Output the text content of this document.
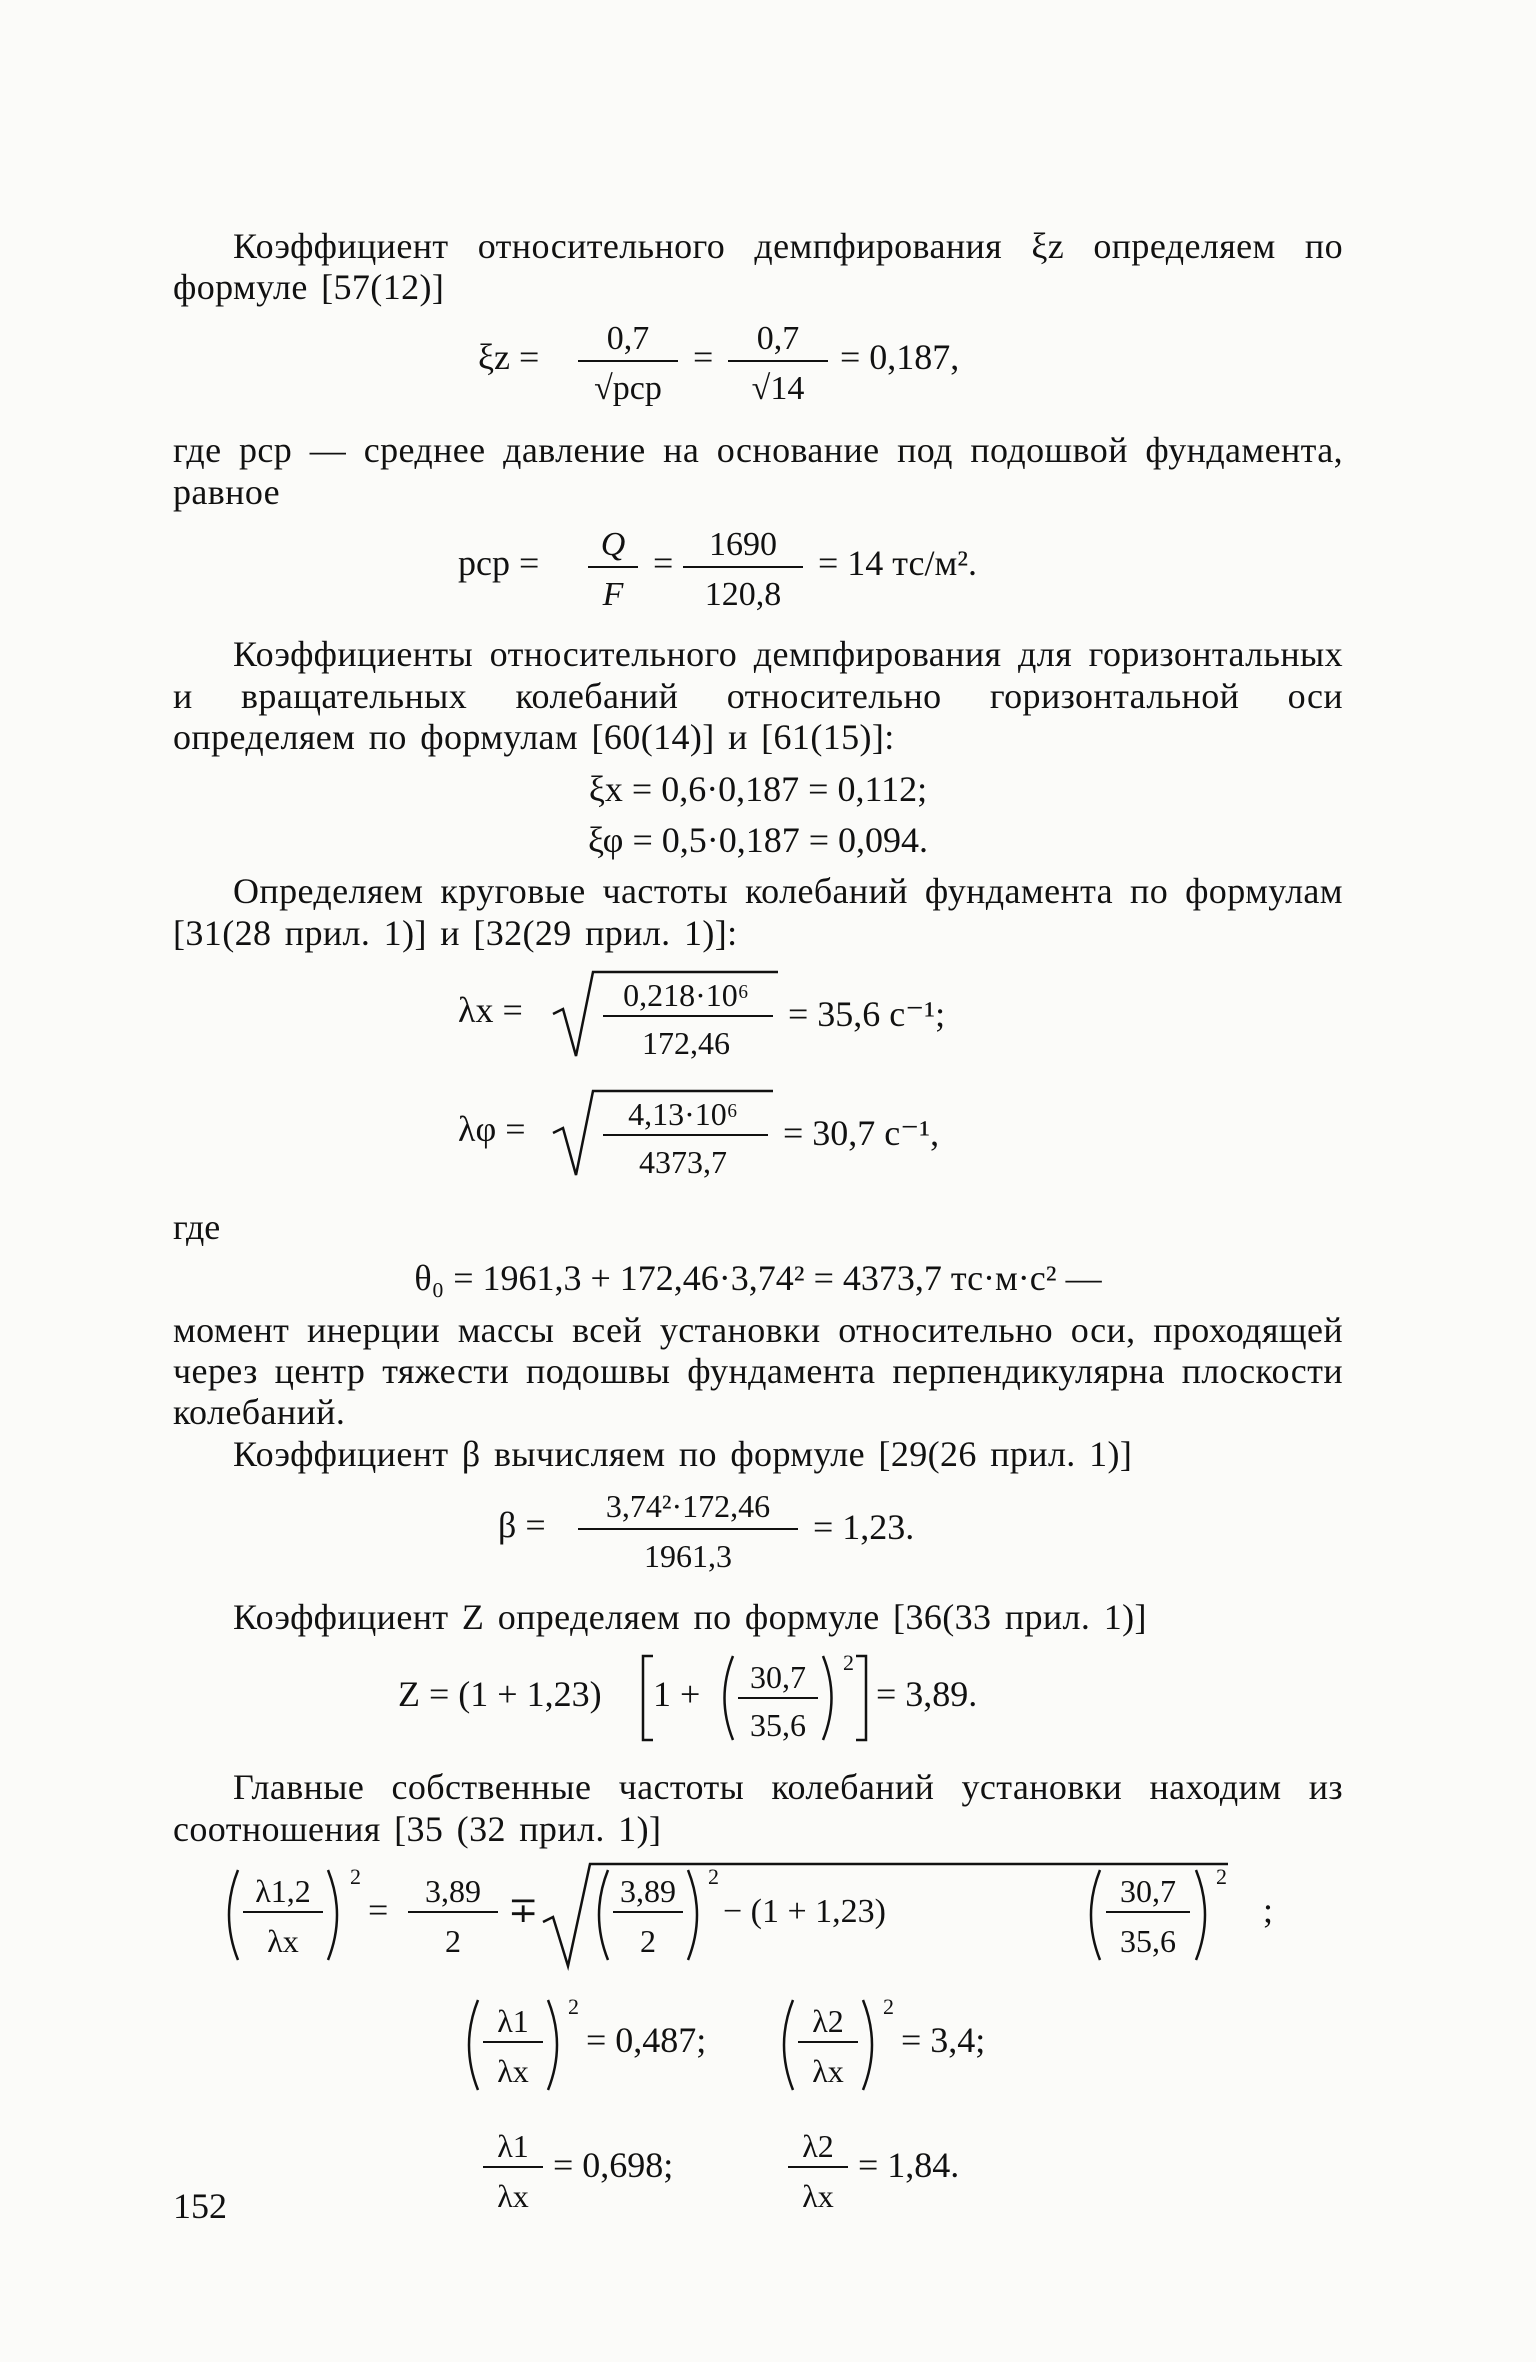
Коэффициент относительного демпфирования ξz определяем по формуле [57(12)]
ξz = 0,7
√pcp
= 0,7
√14
= 0,187,
где pcp — среднее давление на основание под подошвой фундамента, равное
pcp = Q
F
= 1690
120,8
= 14 тс/м².
Коэффициенты относительного демпфирования для горизонтальных и вращательных колебаний относительно горизонтальной оси определяем по формулам [60(14)] и [61(15)]:
ξx = 0,6·0,187 = 0,112;
ξφ = 0,5·0,187 = 0,094.
Определяем круговые частоты колебаний фундамента по формулам [31(28 прил. 1)] и [32(29 прил. 1)]:
λx =	0,218·10⁶
172,46
= 35,6 с⁻¹;
λφ =	4,13·10⁶
4373,7
= 30,7 с⁻¹,
где
θ₀ = 1961,3 + 172,46·3,74² = 4373,7 тс·м·с² —
момент инерции массы всей установки относительно оси, проходящей через центр тяжести подошвы фундамента перпендикулярна плоскости колебаний.
Коэффициент β вычисляем по формуле [29(26 прил. 1)]
β = 3,74²·172,46
1961,3
= 1,23.
Коэффициент Z определяем по формуле [36(33 прил. 1)]
Z = (1 + 1,23) 1 + 30,7
35,6
2
= 3,89.
Главные собственные частоты колебаний установки находим из соотношения [35 (32 прил. 1)]
λ1,2
λx
2
= 3,89
2
∓	3,89
2
2
− (1 + 1,23)
30,7
35,6
2
;
λ1
λx
2
= 0,487;	λ2
λx
2
= 3,4;
λ1
λx
= 0,698;	λ2
λx
= 1,84.
152
